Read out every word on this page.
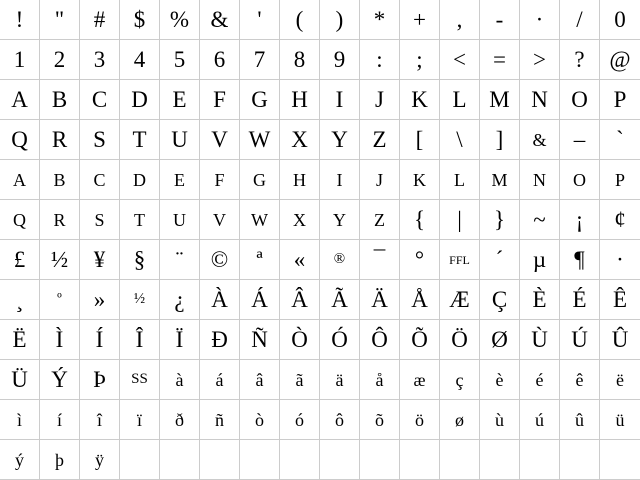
! " # $ % & ' ( ) * + , - · / 0
1 2 3 4 5 6 7 8 9 : ; < = > ? @
A B C D E F G H I J K L M N O P
Q R S T U V W X Y Z [ \ ] & – `
A B C D E F G H I J K L M N O P
Q R S T U V W X Y Z { | } ~ ¡ ¢
£ ½ ¥ § ¨ © ª « ® ¯ ° FFL ´ µ ¶ ·
¸ º » ½ ¿ À Á Â Ã Ä Å Æ Ç È É Ê
Ë Ì Í Î Ï Ð Ñ Ò Ó Ô Õ Ö Ø Ù Ú Û
Ü Ý Þ SS à á â ã ä å æ ç è é ê ë
ì í î ï ð ñ ò ó ô õ ö ø ù ú û ü
ý þ ÿ
